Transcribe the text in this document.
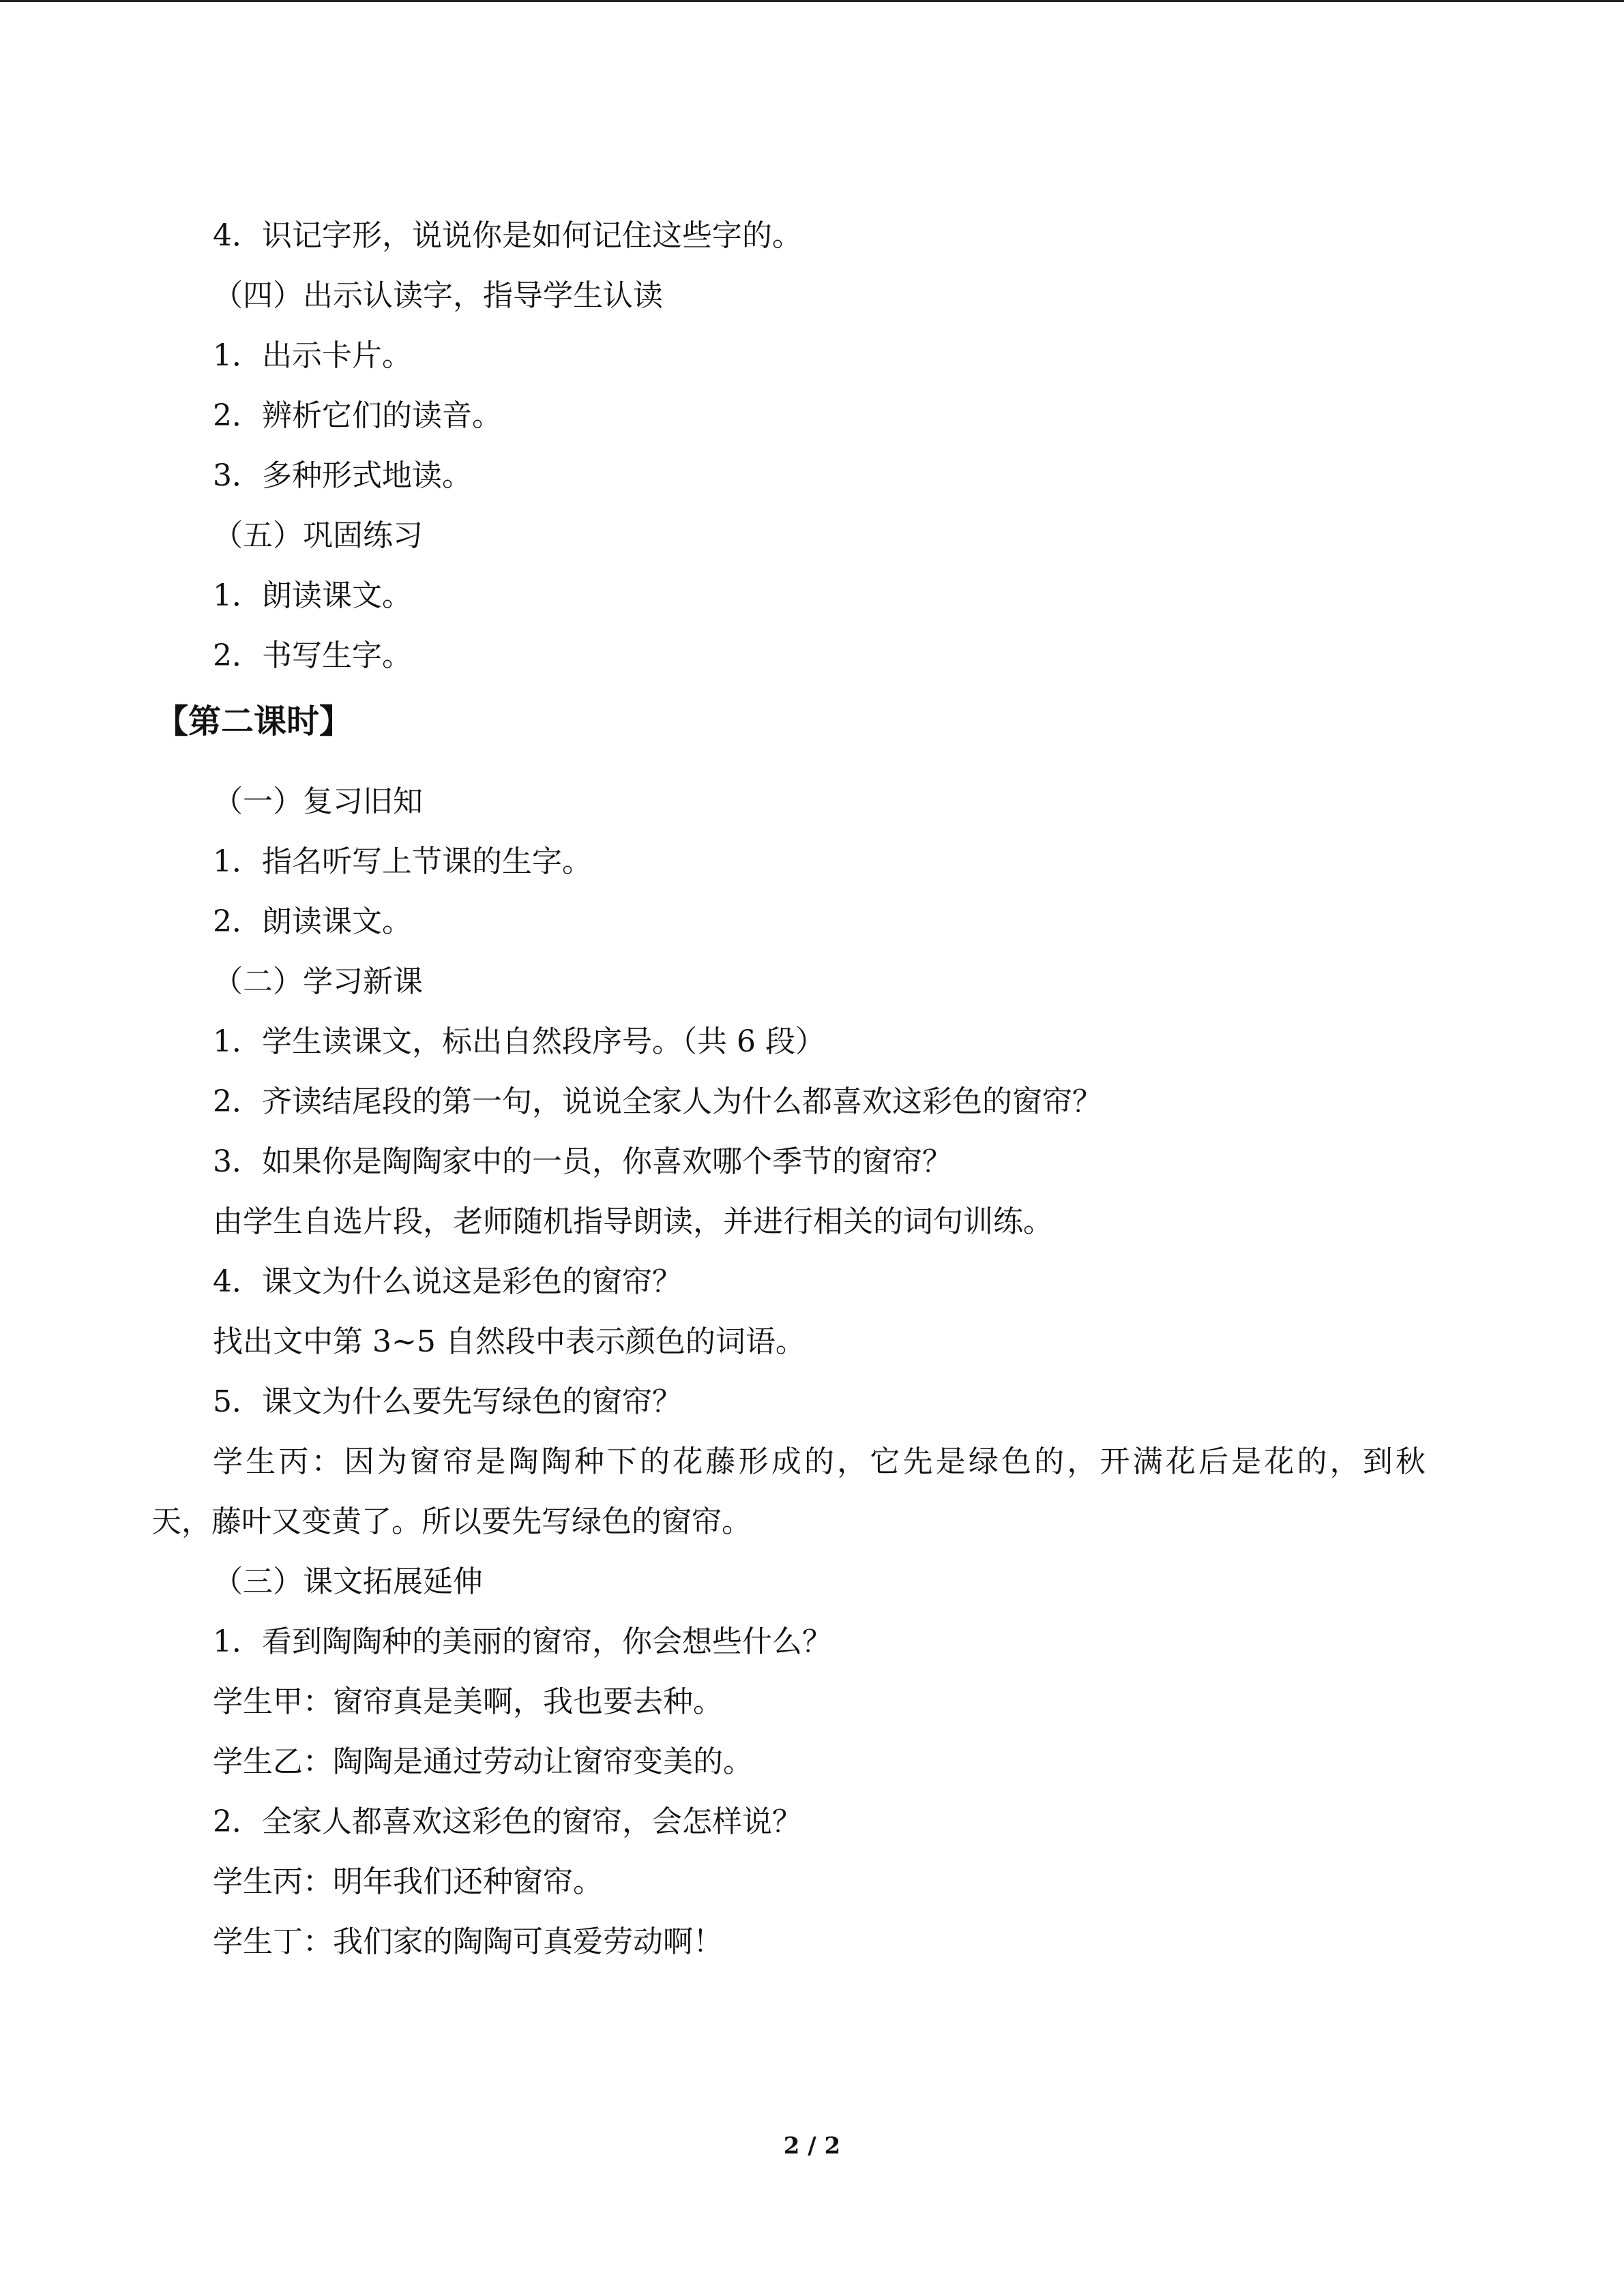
4．识记字形，说说你是如何记住这些字的。
（四）出示认读字，指导学生认读
1．出示卡片。
2．辨析它们的读音。
3．多种形式地读。
（五）巩固练习
1．朗读课文。
2．书写生字。
【第二课时】
（一）复习旧知
1．指名听写上节课的生字。
2．朗读课文。
（二）学习新课
1．学生读课文，标出自然段序号。（共 6 段）
2．齐读结尾段的第一句，说说全家人为什么都喜欢这彩色的窗帘？
3．如果你是陶陶家中的一员，你喜欢哪个季节的窗帘？
由学生自选片段，老师随机指导朗读，并进行相关的词句训练。
4．课文为什么说这是彩色的窗帘？
找出文中第 3~5 自然段中表示颜色的词语。
5．课文为什么要先写绿色的窗帘？
学生丙：因为窗帘是陶陶种下的花藤形成的，它先是绿色的，开满花后是花的，到秋
天，藤叶又变黄了。所以要先写绿色的窗帘。
（三）课文拓展延伸
1．看到陶陶种的美丽的窗帘，你会想些什么？
学生甲：窗帘真是美啊，我也要去种。
学生乙：陶陶是通过劳动让窗帘变美的。
2．全家人都喜欢这彩色的窗帘，会怎样说？
学生丙：明年我们还种窗帘。
学生丁：我们家的陶陶可真爱劳动啊！
2 / 2
